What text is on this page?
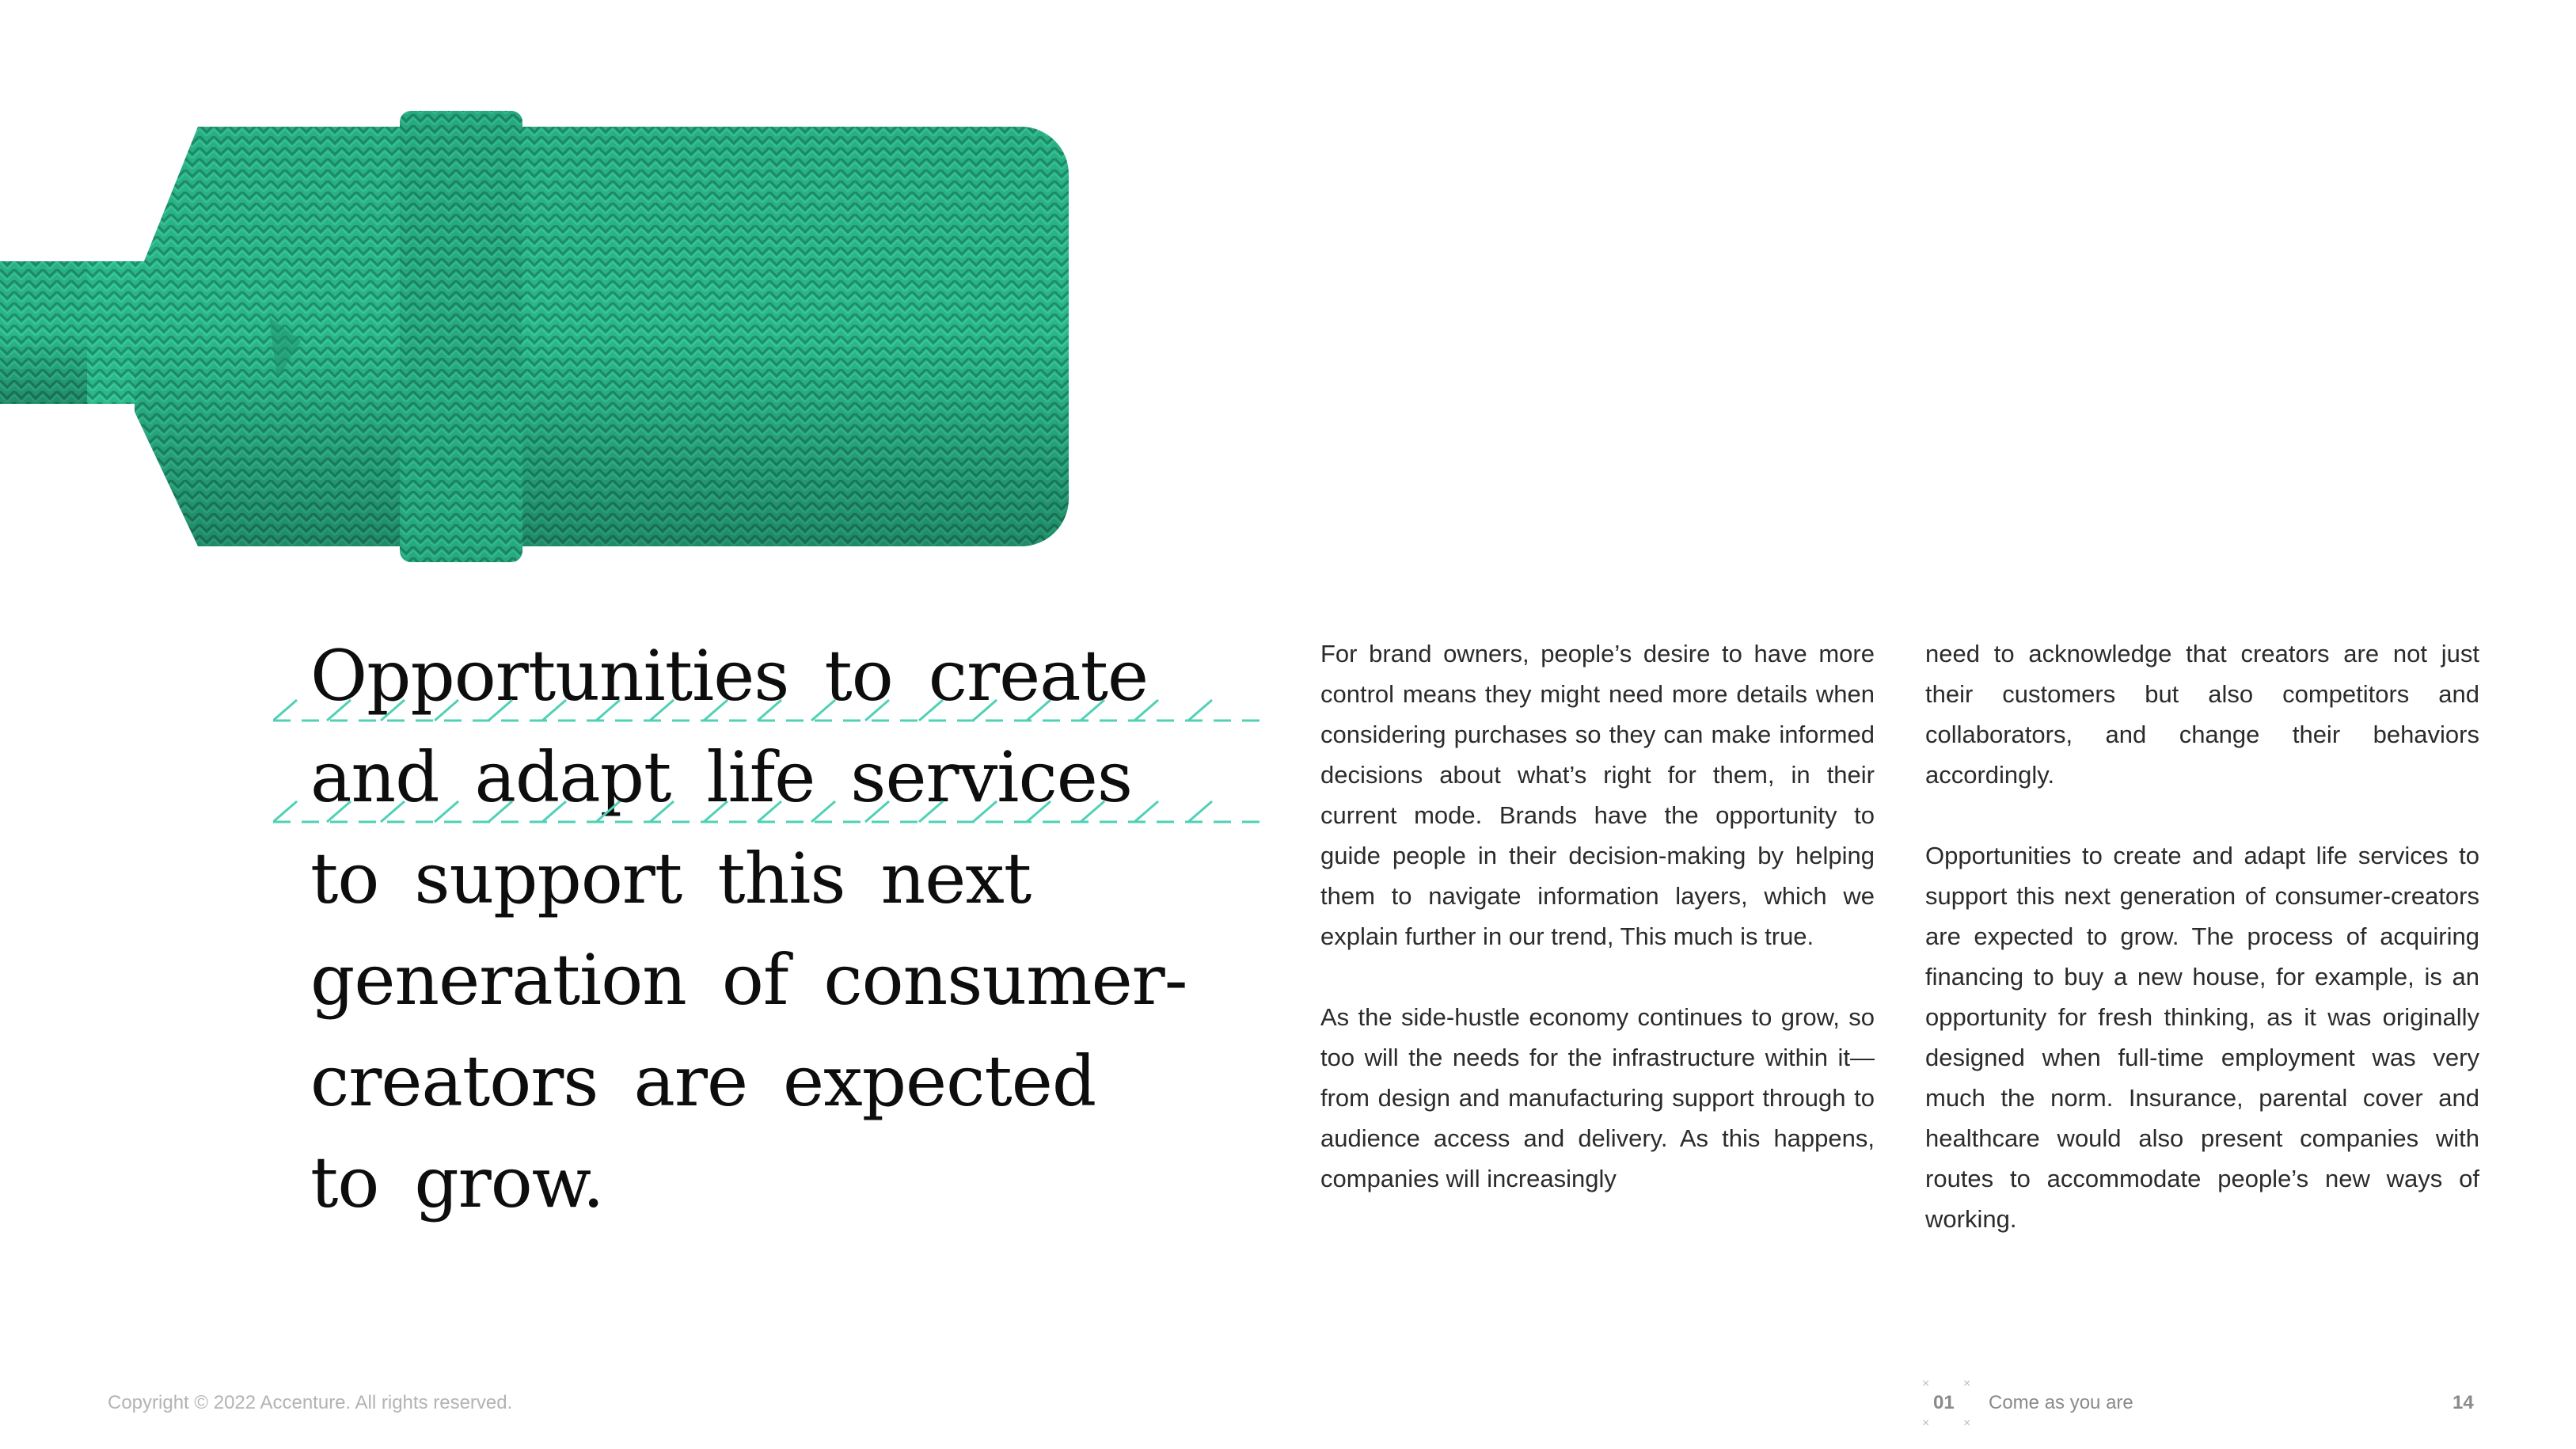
Opportunities to create
and adapt life services
to support this next
generation of consumer-
creators are expected
to grow.

For brand owners, people’s desire to have more control means they might need more details when considering purchases so they can make informed decisions about what’s right for them, in their current mode. Brands have the opportunity to guide people in their decision-making by helping them to navigate information layers, which we explain further in our trend, This much is true.

As the side-hustle economy continues to grow, so too will the needs for the infrastructure within it—from design and manufacturing support through to audience access and delivery. As this happens, companies will increasingly

need to acknowledge that creators are not just their customers but also competitors and collaborators, and change their behaviors accordingly.

Opportunities to create and adapt life services to support this next generation of consumer-creators are expected to grow. The process of acquiring financing to buy a new house, for example, is an opportunity for fresh thinking, as it was originally designed when full-time employment was very much the norm. Insurance, parental cover and healthcare would also present companies with routes to accommodate people’s new ways of working.

Copyright © 2022 Accenture. All rights reserved.
×	×
01
×	×
Come as you are	14
